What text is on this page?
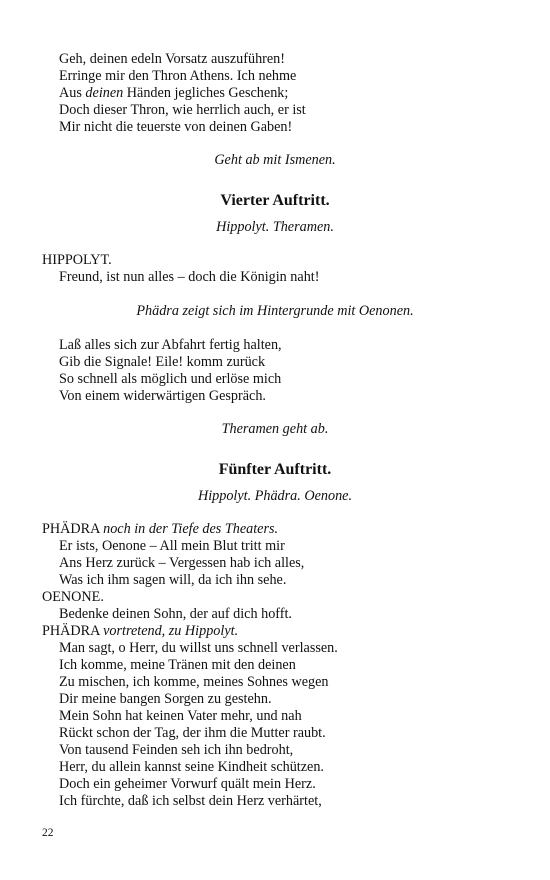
Geh, deinen edeln Vorsatz auszuführen!
Erringe mir den Thron Athens. Ich nehme
Aus deinen Händen jegliches Geschenk;
Doch dieser Thron, wie herrlich auch, er ist
Mir nicht die teuerste von deinen Gaben!
Geht ab mit Ismenen.
Vierter Auftritt.
Hippolyt. Theramen.
HIPPOLYT.
Freund, ist nun alles – doch die Königin naht!
Phädra zeigt sich im Hintergrunde mit Oenonen.
Laß alles sich zur Abfahrt fertig halten,
Gib die Signale! Eile! komm zurück
So schnell als möglich und erlöse mich
Von einem widerwärtigen Gespräch.
Theramen geht ab.
Fünfter Auftritt.
Hippolyt. Phädra. Oenone.
PHÄDRA noch in der Tiefe des Theaters.
Er ists, Oenone – All mein Blut tritt mir
Ans Herz zurück – Vergessen hab ich alles,
Was ich ihm sagen will, da ich ihn sehe.
OENONE.
Bedenke deinen Sohn, der auf dich hofft.
PHÄDRA vortretend, zu Hippolyt.
Man sagt, o Herr, du willst uns schnell verlassen.
Ich komme, meine Tränen mit den deinen
Zu mischen, ich komme, meines Sohnes wegen
Dir meine bangen Sorgen zu gestehn.
Mein Sohn hat keinen Vater mehr, und nah
Rückt schon der Tag, der ihm die Mutter raubt.
Von tausend Feinden seh ich ihn bedroht,
Herr, du allein kannst seine Kindheit schützen.
Doch ein geheimer Vorwurf quält mein Herz.
Ich fürchte, daß ich selbst dein Herz verhärtet,
22
